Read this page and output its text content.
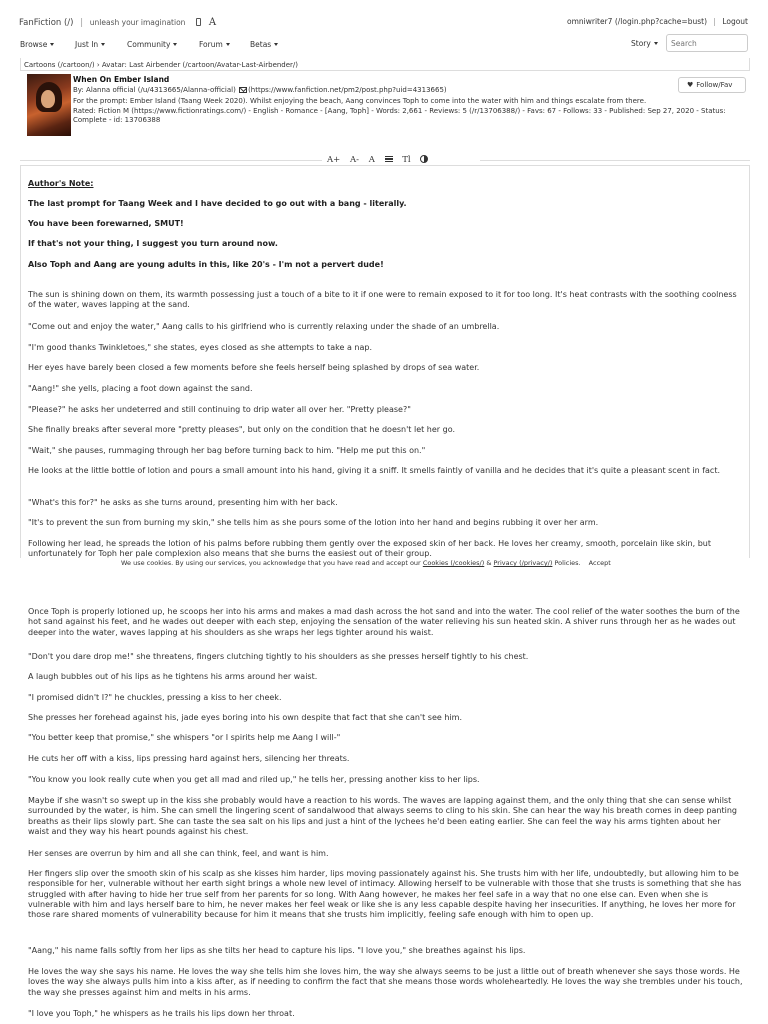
FanFiction (/) | unleash your imagination A	omniwriter7 (/login.php?cache=bust) | Logout
Browse	Just In	Community	Forum	Betas	Story
Search
Cartoons (/cartoon/) › Avatar: Last Airbender (/cartoon/Avatar-Last-Airbender/)
When On Ember Island
♥ Follow/Fav
By: Alanna official (/u/4313665/Alanna-official) (https://www.fanfiction.net/pm2/post.php?uid=4313665)
For the prompt: Ember Island (Taang Week 2020). Whilst enjoying the beach, Aang convinces Toph to come into the water with him and things escalate from there.
Rated: Fiction M (https://www.fictionratings.com/) - English - Romance - [Aang, Toph] - Words: 2,661 - Reviews: 5 (/r/13706388/) - Favs: 67 - Follows: 33 - Published: Sep 27, 2020 - Status: Complete - id: 13706388
A+ A- A	Tl
Author's Note:
The last prompt for Taang Week and I have decided to go out with a bang - literally.
You have been forewarned, SMUT!
If that's not your thing, I suggest you turn around now.
Also Toph and Aang are young adults in this, like 20's - I'm not a pervert dude!
The sun is shining down on them, its warmth possessing just a touch of a bite to it if one were to remain exposed to it for too long. It's heat contrasts with the soothing coolness of the water, waves lapping at the sand.
"Come out and enjoy the water," Aang calls to his girlfriend who is currently relaxing under the shade of an umbrella.
"I'm good thanks Twinkletoes," she states, eyes closed as she attempts to take a nap.
Her eyes have barely been closed a few moments before she feels herself being splashed by drops of sea water.
"Aang!" she yells, placing a foot down against the sand.
"Please?" he asks her undeterred and still continuing to drip water all over her. "Pretty please?"
She finally breaks after several more "pretty pleases", but only on the condition that he doesn't let her go.
"Wait," she pauses, rummaging through her bag before turning back to him. "Help me put this on."
He looks at the little bottle of lotion and pours a small amount into his hand, giving it a sniff. It smells faintly of vanilla and he decides that it's quite a pleasant scent in fact.
"What's this for?" he asks as she turns around, presenting him with her back.
"It's to prevent the sun from burning my skin," she tells him as she pours some of the lotion into her hand and begins rubbing it over her arm.
Following her lead, he spreads the lotion of his palms before rubbing them gently over the exposed skin of her back. He loves her creamy, smooth, porcelain like skin, but unfortunately for Toph her pale complexion also means that she burns the easiest out of their group.
We use cookies. By using our services, you acknowledge that you have read and accept our Cookies (/cookies/) & Privacy (/privacy/) Policies. Accept
Once Toph is properly lotioned up, he scoops her into his arms and makes a mad dash across the hot sand and into the water. The cool relief of the water soothes the burn of the hot sand against his feet, and he wades out deeper with each step, enjoying the sensation of the water relieving his sun heated skin. A shiver runs through her as he wades out deeper into the water, waves lapping at his shoulders as she wraps her legs tighter around his waist.
"Don't you dare drop me!" she threatens, fingers clutching tightly to his shoulders as she presses herself tightly to his chest.
A laugh bubbles out of his lips as he tightens his arms around her waist.
"I promised didn't I?" he chuckles, pressing a kiss to her cheek.
She presses her forehead against his, jade eyes boring into his own despite that fact that she can't see him.
"You better keep that promise," she whispers "or I spirits help me Aang I will-"
He cuts her off with a kiss, lips pressing hard against hers, silencing her threats.
"You know you look really cute when you get all mad and riled up," he tells her, pressing another kiss to her lips.
Maybe if she wasn't so swept up in the kiss she probably would have a reaction to his words. The waves are lapping against them, and the only thing that she can sense whilst surrounded by the water, is him. She can smell the lingering scent of sandalwood that always seems to cling to his skin. She can hear the way his breath comes in deep panting breaths as their lips slowly part. She can taste the sea salt on his lips and just a hint of the lychees he'd been eating earlier. She can feel the way his arms tighten about her waist and they way his heart pounds against his chest.
Her senses are overrun by him and all she can think, feel, and want is him.
Her fingers slip over the smooth skin of his scalp as she kisses him harder, lips moving passionately against his. She trusts him with her life, undoubtedly, but allowing him to be responsible for her, vulnerable without her earth sight brings a whole new level of intimacy. Allowing herself to be vulnerable with those that she trusts is something that she has struggled with after having to hide her true self from her parents for so long. With Aang however, he makes her feel safe in a way that no one else can. Even when she is vulnerable with him and lays herself bare to him, he never makes her feel weak or like she is any less capable despite having her insecurities. If anything, he loves her more for those rare shared moments of vulnerability because for him it means that she trusts him implicitly, feeling safe enough with him to open up.
"Aang," his name falls softly from her lips as she tilts her head to capture his lips. "I love you," she breathes against his lips.
He loves the way she says his name. He loves the way she tells him she loves him, the way she always seems to be just a little out of breath whenever she says those words. He loves the way she always pulls him into a kiss after, as if needing to confirm the fact that she means those words wholeheartedly. He loves the way she trembles under his touch, the way she presses against him and melts in his arms.
"I love you Toph," he whispers as he trails his lips down her throat.
